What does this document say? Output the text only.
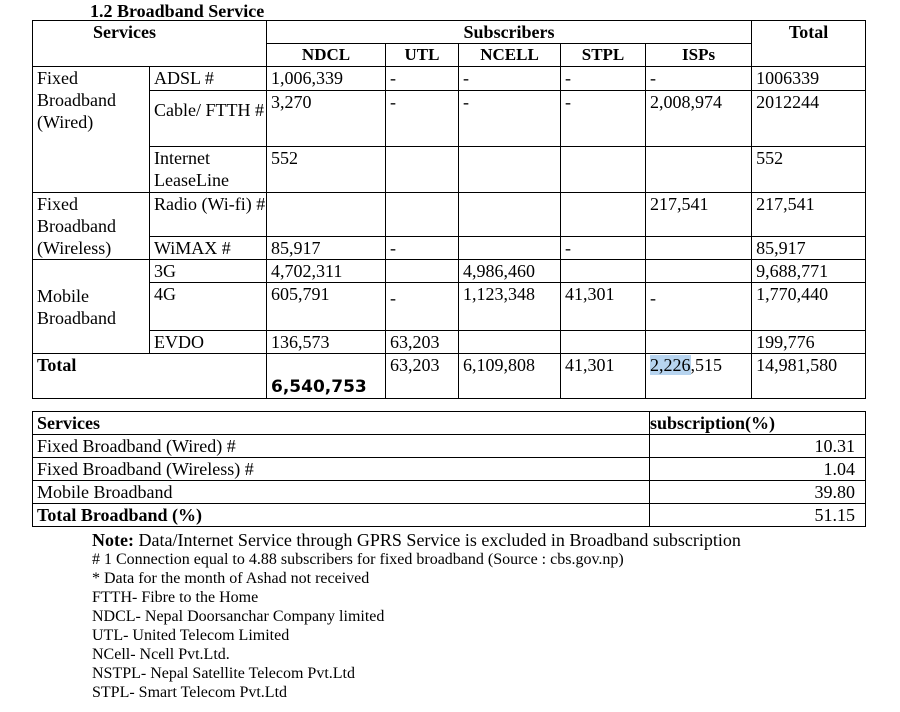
1.2 Broadband Service
Services		Subscribers					Total
		NDCL	UTL	NCELL	STPL	ISPs	
Fixed Broadband (Wired)	ADSL #	1,006,339	-	-	-	-	1006339
	Cable/ FTTH #	3,270	-	-	-	2,008,974	2012244
	Internet LeaseLine	552					552
Fixed Broadband (Wireless)	Radio (Wi-fi) #					217,541	217,541
	WiMAX #	85,917	-		-		85,917
Mobile Broadband	3G	4,702,311		4,986,460			9,688,771
	4G	605,791	-	1,123,348	41,301	-	1,770,440
	EVDO	136,573	63,203				199,776
Total		6,540,753	63,203	6,109,808	41,301	2,226,515	14,981,580
Services	subscription(%)
Fixed Broadband (Wired) #	10.31
Fixed Broadband (Wireless) #	1.04
Mobile Broadband	39.80
Total Broadband (%)	51.15
Note: Data/Internet Service through GPRS Service is excluded in Broadband subscription
# 1 Connection equal to 4.88 subscribers for fixed broadband (Source : cbs.gov.np)
* Data for the month of Ashad not received
FTTH- Fibre to the Home
NDCL- Nepal Doorsanchar Company limited
UTL- United Telecom Limited
NCell- Ncell Pvt.Ltd.
NSTPL- Nepal Satellite Telecom Pvt.Ltd
STPL- Smart Telecom Pvt.Ltd
